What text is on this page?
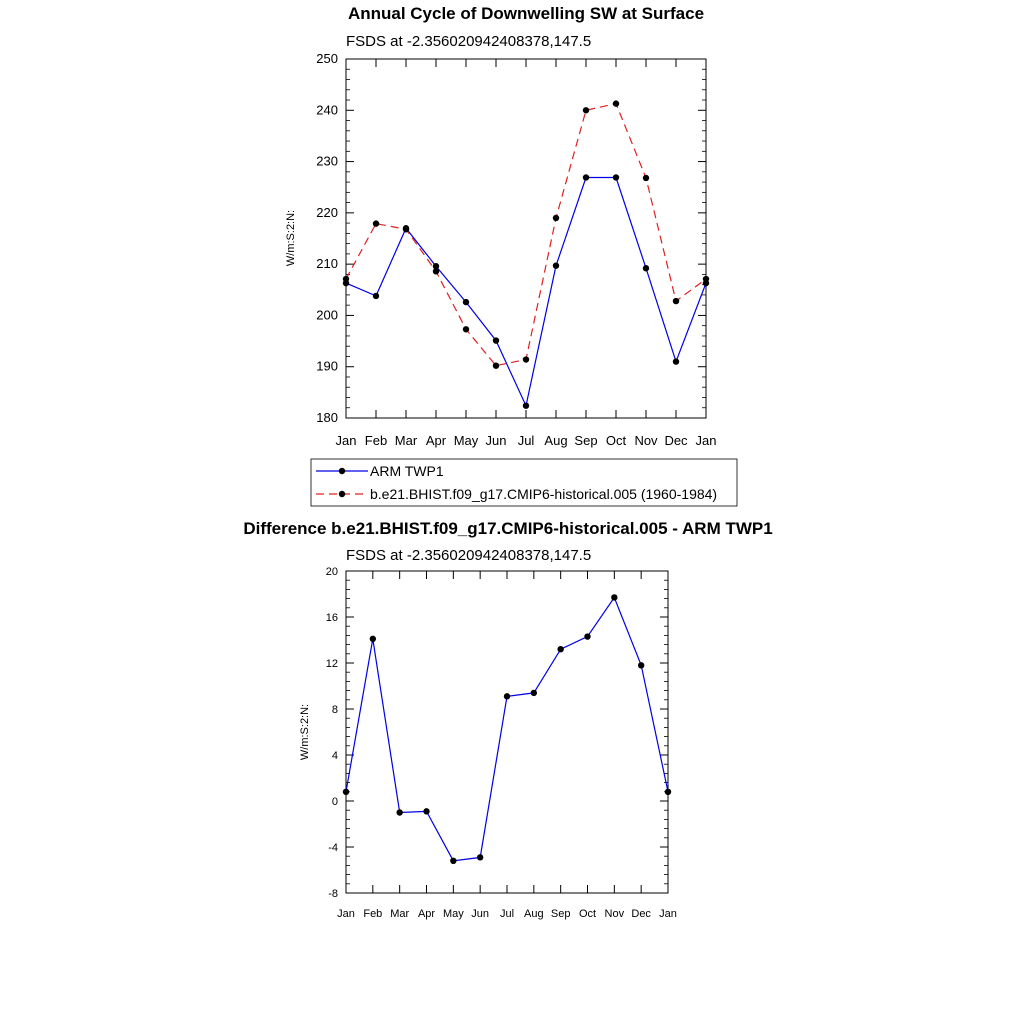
Annual Cycle of Downwelling SW at Surface
FSDS at -2.356020942408378,147.5
W/m:S:2:N:
180
190
200
210
220
230
240
250
Jan Feb Mar Apr May Jun Jul Aug Sep Oct Nov Dec Jan
ARM TWP1
b.e21.BHIST.f09_g17.CMIP6-historical.005 (1960-1984)
Difference b.e21.BHIST.f09_g17.CMIP6-historical.005 - ARM TWP1
FSDS at -2.356020942408378,147.5
W/m:S:2:N:
-8
-4
0
4
8
12
16
20
Jan Feb Mar Apr May Jun Jul Aug Sep Oct Nov Dec Jan
